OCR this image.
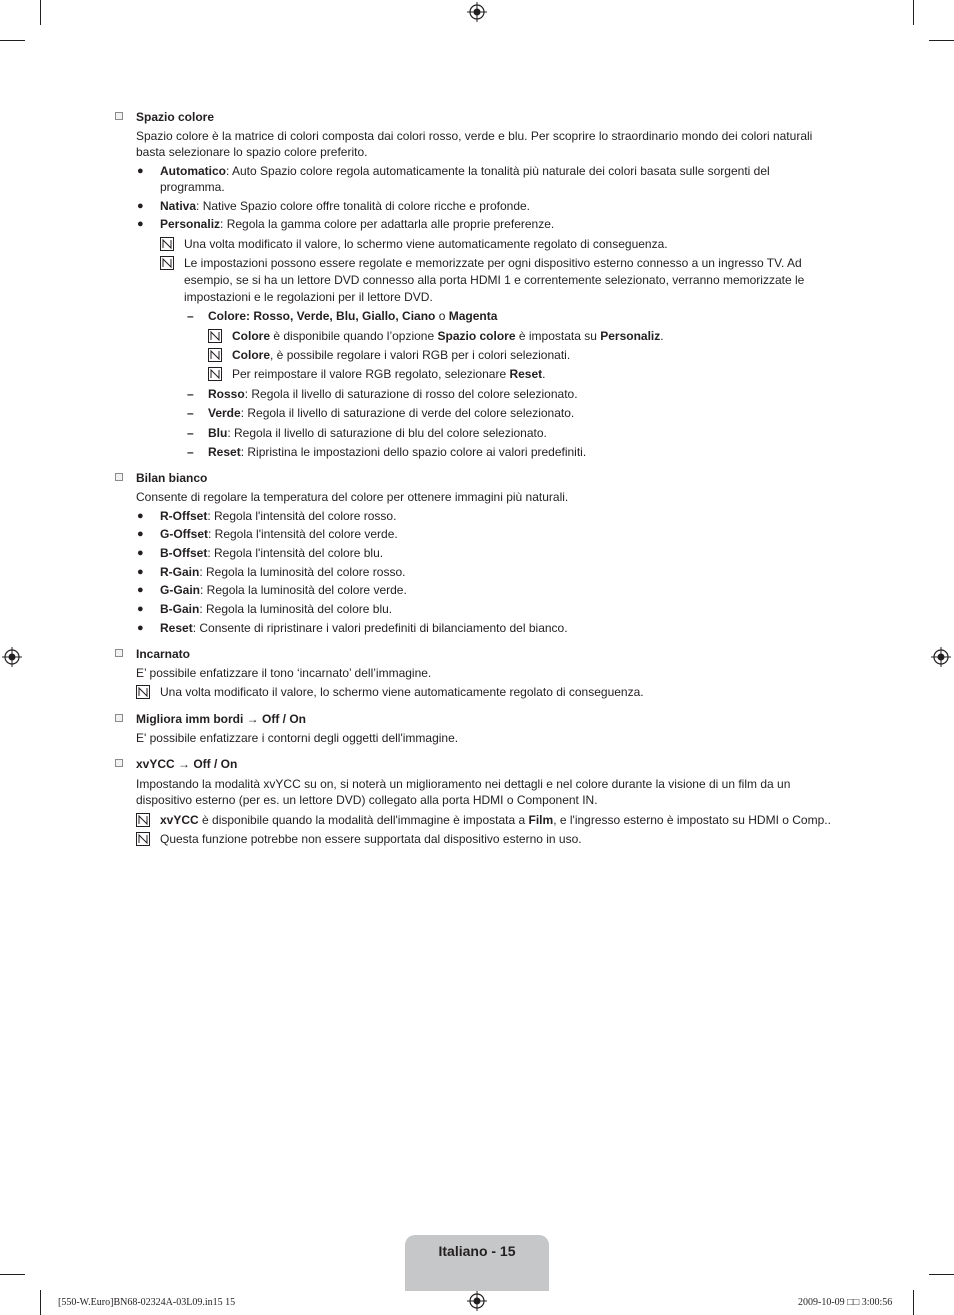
Spazio colore
Spazio colore è la matrice di colori composta dai colori rosso, verde e blu. Per scoprire lo straordinario mondo dei colori naturali
basta selezionare lo spazio colore preferito.
● Automatico: Auto Spazio colore regola automaticamente la tonalità più naturale dei colori basata sulle sorgenti del
programma.
● Nativa: Native Spazio colore offre tonalità di colore ricche e profonde.
● Personaliz: Regola la gamma colore per adattarla alle proprie preferenze.
Una volta modificato il valore, lo schermo viene automaticamente regolato di conseguenza.
Le impostazioni possono essere regolate e memorizzate per ogni dispositivo esterno connesso a un ingresso TV. Ad
esempio, se si ha un lettore DVD connesso alla porta HDMI 1 e correntemente selezionato, verranno memorizzate le
impostazioni e le regolazioni per il lettore DVD.
– Colore: Rosso, Verde, Blu, Giallo, Ciano o Magenta
Colore è disponibile quando l’opzione Spazio colore è impostata su Personaliz.
Colore, è possibile regolare i valori RGB per i colori selezionati.
Per reimpostare il valore RGB regolato, selezionare Reset.
– Rosso: Regola il livello di saturazione di rosso del colore selezionato.
– Verde: Regola il livello di saturazione di verde del colore selezionato.
– Blu: Regola il livello di saturazione di blu del colore selezionato.
– Reset: Ripristina le impostazioni dello spazio colore ai valori predefiniti.
Bilan bianco
Consente di regolare la temperatura del colore per ottenere immagini più naturali.
● R-Offset: Regola l'intensità del colore rosso.
● G-Offset: Regola l'intensità del colore verde.
● B-Offset: Regola l'intensità del colore blu.
● R-Gain: Regola la luminosità del colore rosso.
● G-Gain: Regola la luminosità del colore verde.
● B-Gain: Regola la luminosità del colore blu.
● Reset: Consente di ripristinare i valori predefiniti di bilanciamento del bianco.
Incarnato
E’ possibile enfatizzare il tono ‘incarnato’ dell’immagine.
Una volta modificato il valore, lo schermo viene automaticamente regolato di conseguenza.
Migliora imm bordi → Off / On
E' possibile enfatizzare i contorni degli oggetti dell'immagine.
xvYCC → Off / On
Impostando la modalità xvYCC su on, si noterà un miglioramento nei dettagli e nel colore durante la visione di un film da un
dispositivo esterno (per es. un lettore DVD) collegato alla porta HDMI o Component IN.
xvYCC è disponibile quando la modalità dell'immagine è impostata a Film, e l'ingresso esterno è impostato su HDMI o Comp..
Questa funzione potrebbe non essere supportata dal dispositivo esterno in uso.
Italiano - 15
[550-W.Euro]BN68-02324A-03L09.in15 15	2009-10-09 □□ 3:00:56
